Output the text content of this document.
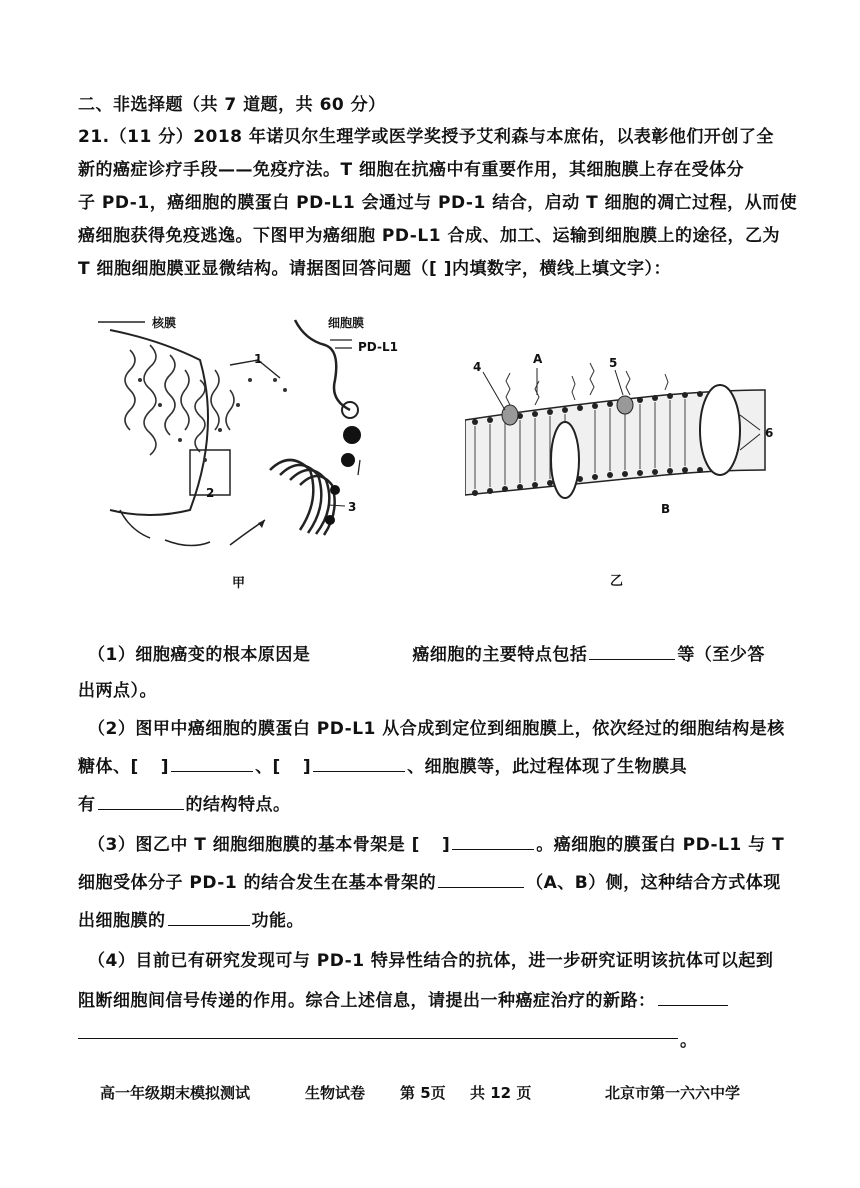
二、非选择题（共 7 道题，共 60 分）
21.（11 分）2018 年诺贝尔生理学或医学奖授予艾利森与本庶佑，以表彰他们开创了全
新的癌症诊疗手段——免疫疗法。T 细胞在抗癌中有重要作用，其细胞膜上存在受体分
子 PD-1，癌细胞的膜蛋白 PD-L1 会通过与 PD-1 结合，启动 T 细胞的凋亡过程，从而使
癌细胞获得免疫逃逸。下图甲为癌细胞 PD-L1 合成、加工、运输到细胞膜上的途径，乙为
T 细胞细胞膜亚显微结构。请据图回答问题（[ ]内填数字，横线上填文字）：
核膜	细胞膜
PD-L1
1
2
3
甲
4
A	5
6
B
乙
（1）细胞癌变的根本原因是	癌细胞的主要特点包括	等（至少答
出两点）。
（2）图甲中癌细胞的膜蛋白 PD-L1 从合成到定位到细胞膜上，依次经过的细胞结构是核
糖体、[ ]	、[ ]	、细胞膜等，此过程体现了生物膜具
有	的结构特点。
（3）图乙中 T 细胞细胞膜的基本骨架是 [ ]	。癌细胞的膜蛋白 PD-L1 与 T
细胞受体分子 PD-1 的结合发生在基本骨架的	（A、B）侧，这种结合方式体现
出细胞膜的	功能。
（4）目前已有研究发现可与 PD-1 特异性结合的抗体，进一步研究证明该抗体可以起到
阻断细胞间信号传递的作用。综合上述信息，请提出一种癌症治疗的新路：
。
高一年级期末模拟测试	生物试卷 第 5页 共 12 页	北京市第一六六中学
